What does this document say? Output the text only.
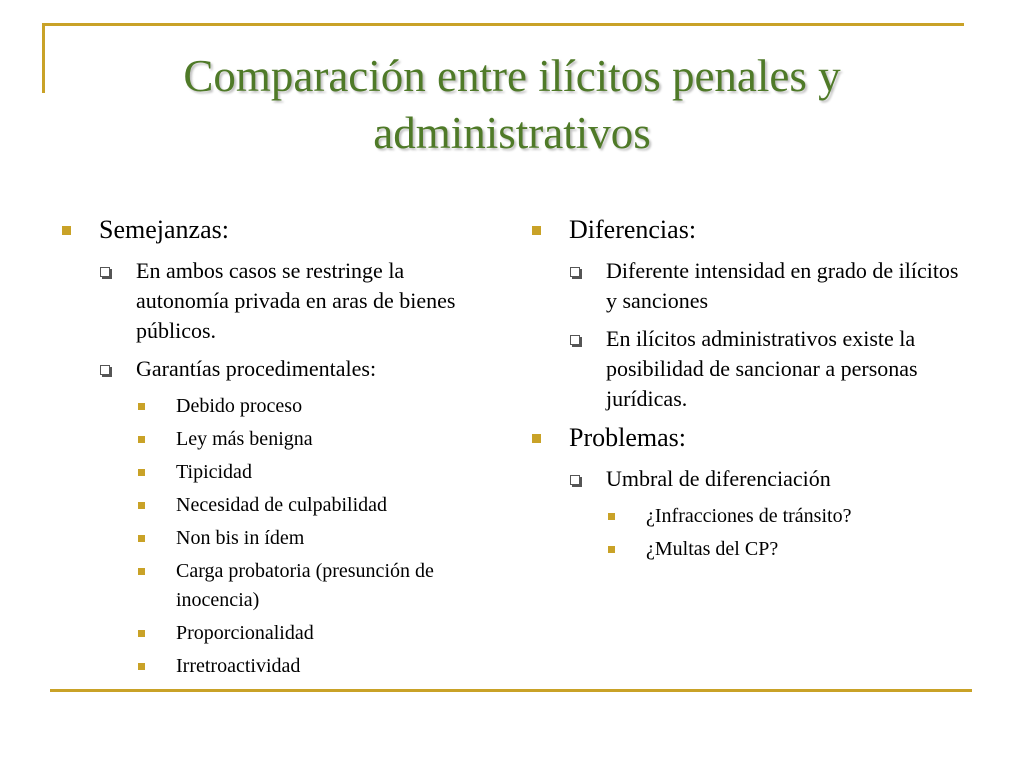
Comparación entre ilícitos penales y administrativos
Semejanzas:
En ambos casos se restringe la autonomía privada en aras de bienes públicos.
Garantías procedimentales:
Debido proceso
Ley más benigna
Tipicidad
Necesidad de culpabilidad
Non bis in ídem
Carga probatoria (presunción de inocencia)
Proporcionalidad
Irretroactividad
Diferencias:
Diferente intensidad en grado de ilícitos y sanciones
En ilícitos administrativos existe la posibilidad de sancionar a personas jurídicas.
Problemas:
Umbral de diferenciación
¿Infracciones de tránsito?
¿Multas del CP?
